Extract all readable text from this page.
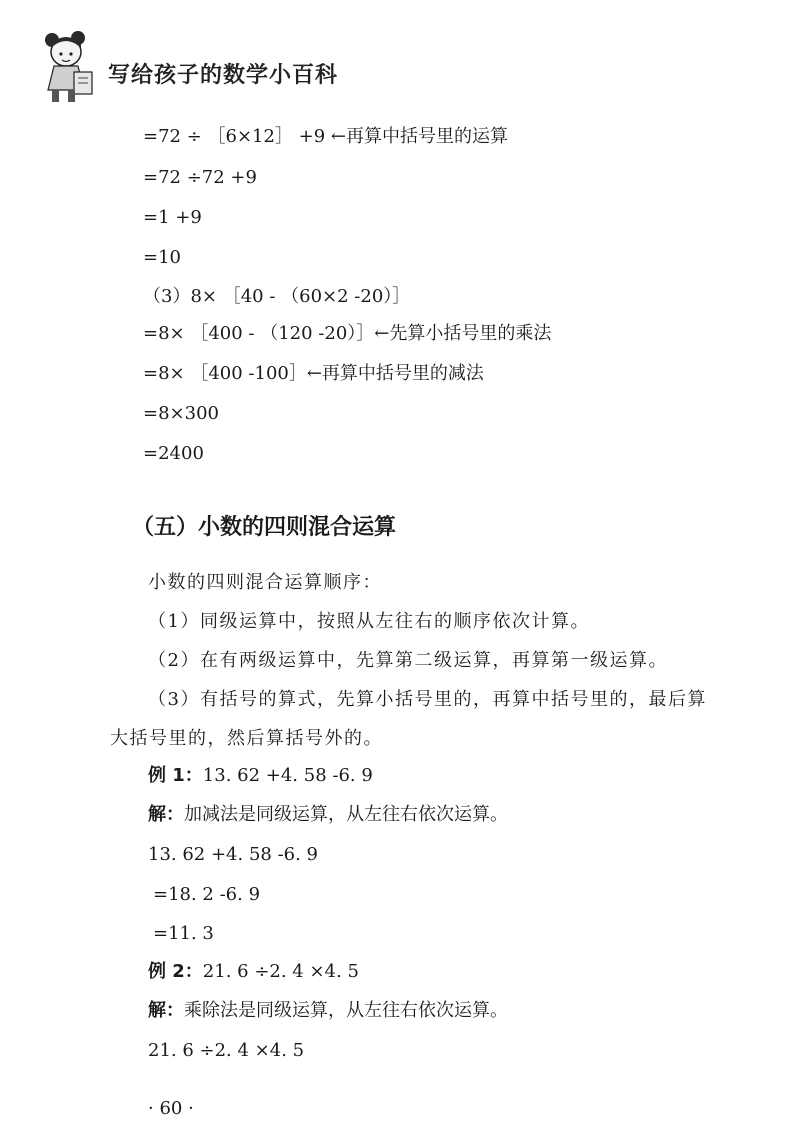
写给孩子的数学小百科
=72 ÷ ［6×12］ +9 ←再算中括号里的运算
=72 ÷72 +9
=1 +9
=10
（3）8× ［40 - （60×2 -20）］
=8× ［400 - （120 -20）］←先算小括号里的乘法
=8× ［400 -100］←再算中括号里的减法
=8×300
=2400
（五）小数的四则混合运算
小数的四则混合运算顺序：
（1）同级运算中，按照从左往右的顺序依次计算。
（2）在有两级运算中，先算第二级运算，再算第一级运算。
（3）有括号的算式，先算小括号里的，再算中括号里的，最后算
大括号里的，然后算括号外的。
例 1：13. 62 +4. 58 -6. 9
解：加减法是同级运算，从左往右依次运算。
13. 62 +4. 58 -6. 9
=18. 2 -6. 9
=11. 3
例 2：21. 6 ÷2. 4 ×4. 5
解：乘除法是同级运算，从左往右依次运算。
21. 6 ÷2. 4 ×4. 5
· 60 ·
